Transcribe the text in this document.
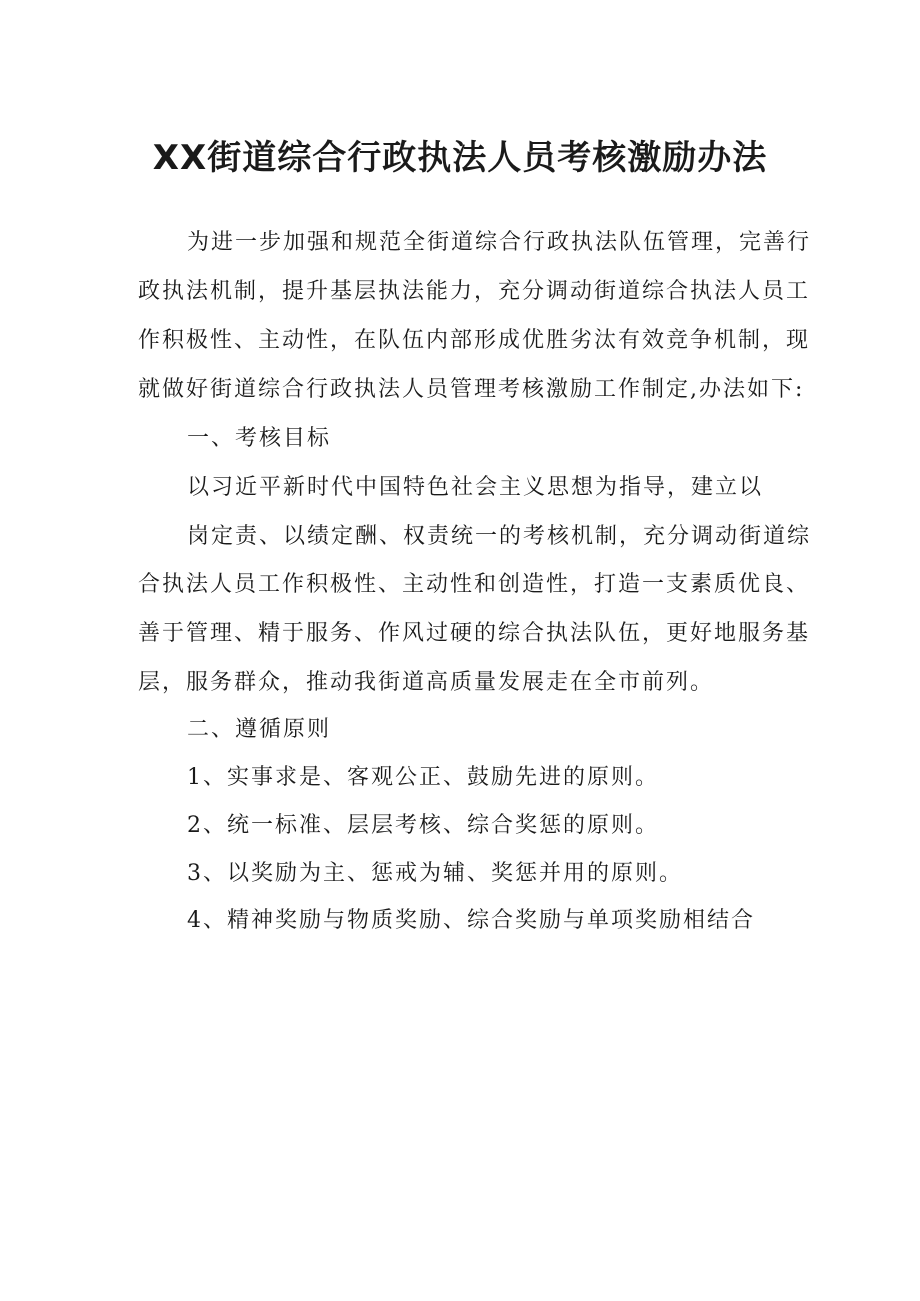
XX街道综合行政执法人员考核激励办法
为进一步加强和规范全街道综合行政执法队伍管理，完善行
政执法机制，提升基层执法能力，充分调动街道综合执法人员工
作积极性、主动性，在队伍内部形成优胜劣汰有效竞争机制，现
就做好街道综合行政执法人员管理考核激励工作制定,办法如下:
一、考核目标
以习近平新时代中国特色社会主义思想为指导，建立以
岗定责、以绩定酬、权责统一的考核机制，充分调动街道综
合执法人员工作积极性、主动性和创造性，打造一支素质优良、
善于管理、精于服务、作风过硬的综合执法队伍，更好地服务基
层，服务群众，推动我街道高质量发展走在全市前列。
二、遵循原则
1、实事求是、客观公正、鼓励先进的原则。
2、统一标准、层层考核、综合奖惩的原则。
3、以奖励为主、惩戒为辅、奖惩并用的原则。
4、精神奖励与物质奖励、综合奖励与单项奖励相结合
